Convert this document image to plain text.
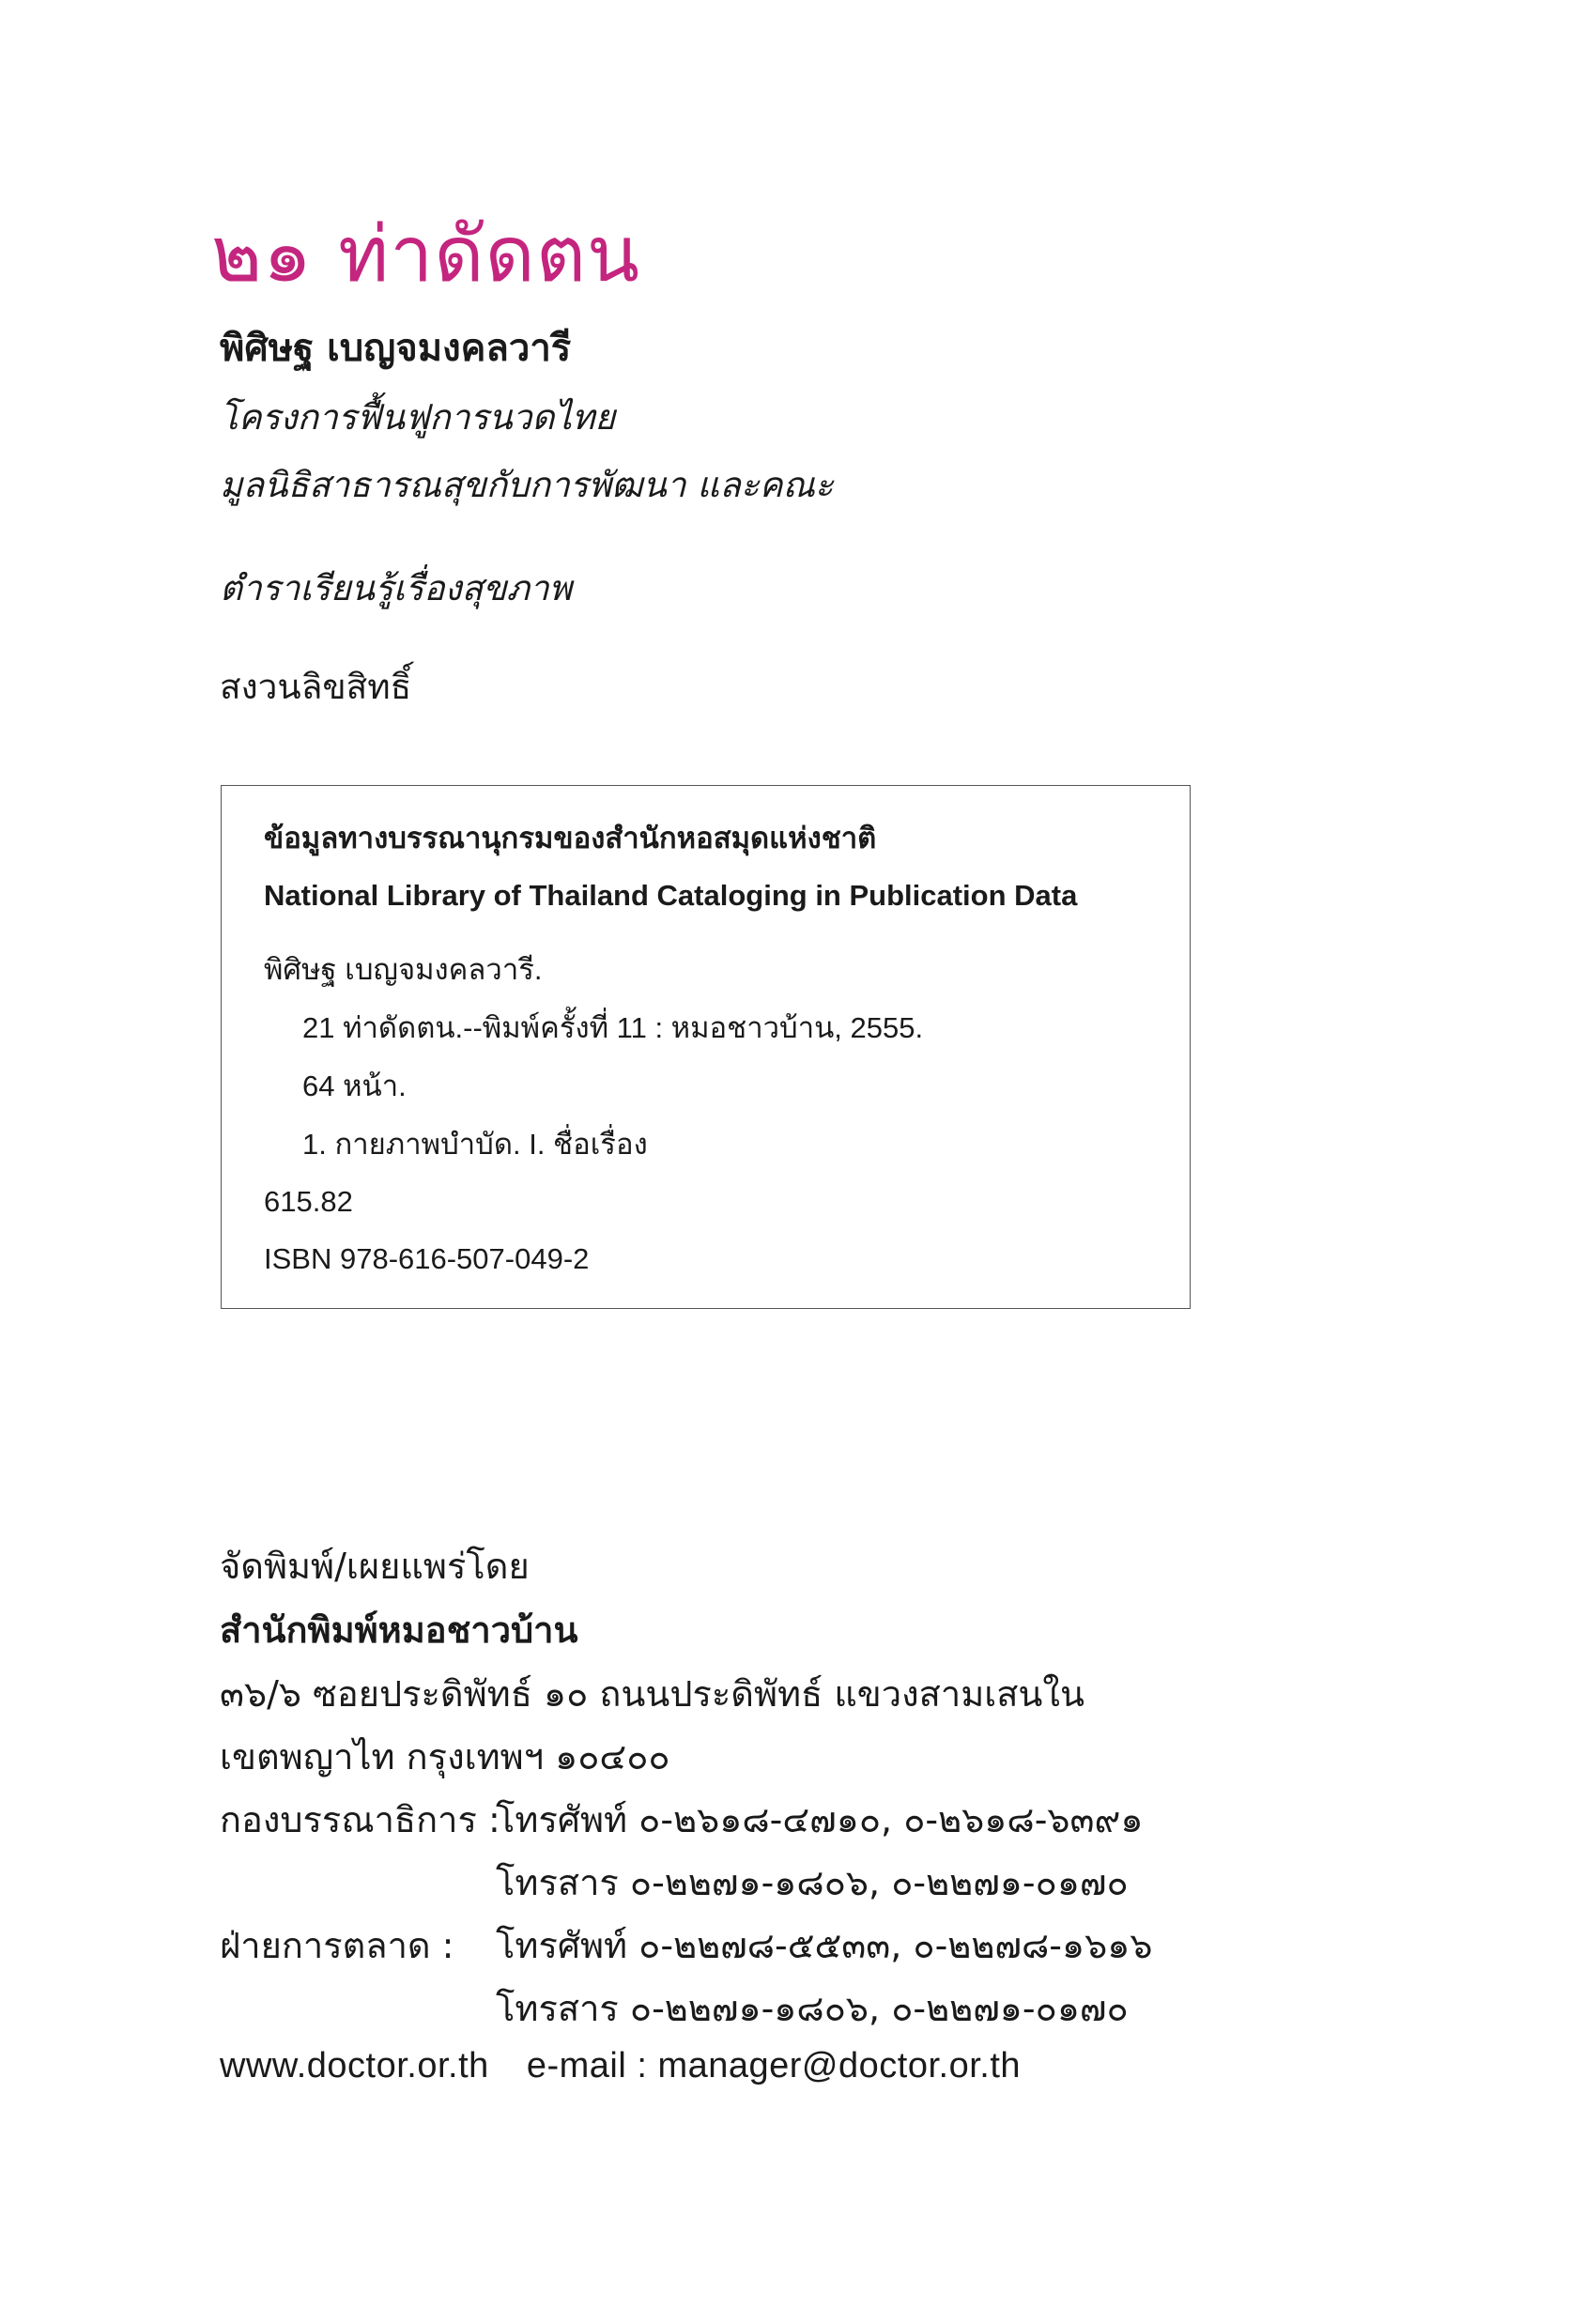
๒๑ ท่าดัดตน
พิศิษฐ เบญจมงคลวารี
โครงการฟื้นฟูการนวดไทย
มูลนิธิสาธารณสุขกับการพัฒนา และคณะ
ตำราเรียนรู้เรื่องสุขภาพ
สงวนลิขสิทธิ์
ข้อมูลทางบรรณานุกรมของสำนักหอสมุดแห่งชาติ
National Library of Thailand Cataloging in Publication Data
พิศิษฐ เบญจมงคลวารี.
21 ท่าดัดตน.--พิมพ์ครั้งที่ 11 : หมอชาวบ้าน, 2555.
64 หน้า.
1. กายภาพบำบัด. I. ชื่อเรื่อง
615.82
ISBN 978-616-507-049-2
จัดพิมพ์/เผยแพร่โดย
สำนักพิมพ์หมอชาวบ้าน
๓๖/๖ ซอยประดิพัทธ์ ๑๐ ถนนประดิพัทธ์ แขวงสามเสนใน
เขตพญาไท กรุงเทพฯ ๑๐๔๐๐
กองบรรณาธิการ :
โทรศัพท์ ๐-๒๖๑๘-๔๗๑๐, ๐-๒๖๑๘-๖๓๙๑
โทรสาร ๐-๒๒๗๑-๑๘๐๖, ๐-๒๒๗๑-๐๑๗๐
ฝ่ายการตลาด : โทรศัพท์ ๐-๒๒๗๘-๕๕๓๓, ๐-๒๒๗๘-๑๖๑๖
โทรสาร ๐-๒๒๗๑-๑๘๐๖, ๐-๒๒๗๑-๐๑๗๐
www.doctor.or.th e-mail : manager@doctor.or.th
